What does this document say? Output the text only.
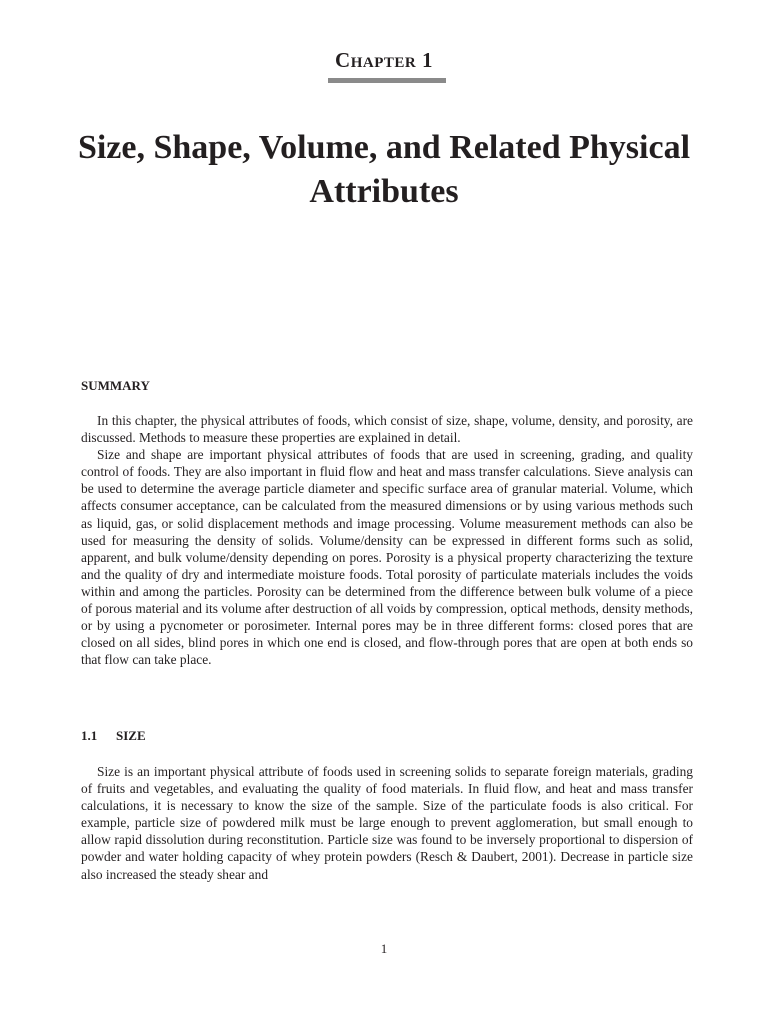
Chapter 1
Size, Shape, Volume, and Related Physical Attributes
SUMMARY

In this chapter, the physical attributes of foods, which consist of size, shape, volume, density, and porosity, are discussed. Methods to measure these properties are explained in detail.

Size and shape are important physical attributes of foods that are used in screening, grading, and quality control of foods. They are also important in fluid flow and heat and mass transfer calculations. Sieve analysis can be used to determine the average particle diameter and specific surface area of granular material. Volume, which affects consumer acceptance, can be calculated from the measured dimensions or by using various methods such as liquid, gas, or solid displacement methods and image processing. Volume measurement methods can also be used for measuring the density of solids. Volume/density can be expressed in different forms such as solid, apparent, and bulk volume/density depending on pores. Porosity is a physical property characterizing the texture and the quality of dry and intermediate moisture foods. Total porosity of particulate materials includes the voids within and among the particles. Porosity can be determined from the difference between bulk volume of a piece of porous material and its volume after destruction of all voids by compression, optical methods, density methods, or by using a pycnometer or porosimeter. Internal pores may be in three different forms: closed pores that are closed on all sides, blind pores in which one end is closed, and flow-through pores that are open at both ends so that flow can take place.

1.1 SIZE

Size is an important physical attribute of foods used in screening solids to separate foreign materials, grading of fruits and vegetables, and evaluating the quality of food materials. In fluid flow, and heat and mass transfer calculations, it is necessary to know the size of the sample. Size of the particulate foods is also critical. For example, particle size of powdered milk must be large enough to prevent agglomeration, but small enough to allow rapid dissolution during reconstitution. Particle size was found to be inversely proportional to dispersion of powder and water holding capacity of whey protein powders (Resch & Daubert, 2001). Decrease in particle size also increased the steady shear and

1
